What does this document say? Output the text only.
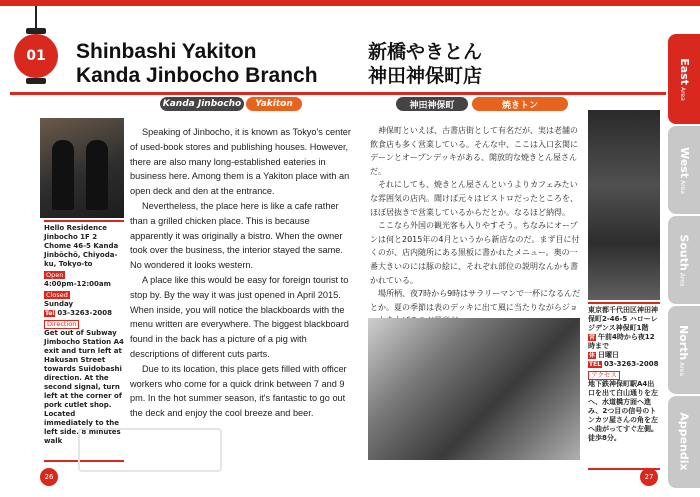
01	Shinbashi Yakiton
Kanda Jinbocho Branch
新橋やきとん
神田神保町店
Kanda Jinbocho	Yakiton	神田神保町	焼きトン
Hello Residence Jinbocho 1F 2 Chome 46-5 Kanda Jinbōchō, Chiyoda-ku, Tokyo-to
Open
4:00pm-12:00am
Closed
Sunday
Tel 03-3263-2008
Direction
Get out of Subway Jimbocho Station A4 exit and turn left at Hakusan Street towards Suidobashi direction. At the second signal, turn left at the corner of pork cutlet shop. Located immediately to the left side. 8 minutes walk

Speaking of Jinbocho, it is known as Tokyo's center of used-book stores and publishing houses. However, there are also many long-established eateries in business here. Among them is a Yakiton place with an open deck and den at the entrance.

Nevertheless, the place here is like a cafe rather than a grilled chicken place. This is because apparently it was originally a bistro. When the owner took over the business, the interior stayed the same. No wondered it looks western.

A place like this would be easy for foreign tourist to stop by. By the way it was just opened in April 2015. When inside, you will notice the blackboards with the menu written are everywhere. The biggest blackboard found in the back has a picture of a pig with descriptions of different cuts parts.

Due to its location, this place gets filled with officer workers who come for a quick drink between 7 and 9 pm. In the hot summer season, it's fantastic to go out the deck and enjoy the cool breeze and beer.

神保町といえば、古書店街として有名だが、実は老舗の飲食店も多く営業している。そんな中、ここは入口玄関にデーンとオープンデッキがある、開放的な焼きとん屋さんだ。

それにしても、焼きとん屋さんというよりカフェみたいな雰囲気の店内。聞けば元々はビストロだったところを、ほぼ居抜きで営業しているからだとか。なるほど納得。

ここなら外国の観光客も入りやすそう。ちなみにオープンは何と2015年の4月というから新店なのだ。まず目に付くのが、店内随所にある黒板に書かれたメニュー。奥の一番大きいのには豚の絵に、それぞれ部位の説明なんかも書かれている。

場所柄、夜7時から9時はサラリーマンで一杯になるんだとか。夏の季節は表のデッキに出て風に当たりながらジョ	東京都千代田区神田神保町2-46-5 ハローレジデンス神保町1階
営 午前4時から夜12時まで
休 日曜日
TEL 03-3263-2008
アクセス
地下鉄神保町駅A4出口を出て白山通りを左へ、水道橋方面へ進み、2つ目の信号のトンカツ屋さんの角を左へ曲がってすぐ左側。徒歩8分。
EastArea
WestArea
SouthArea
NorthArea
Appendix
26	27
